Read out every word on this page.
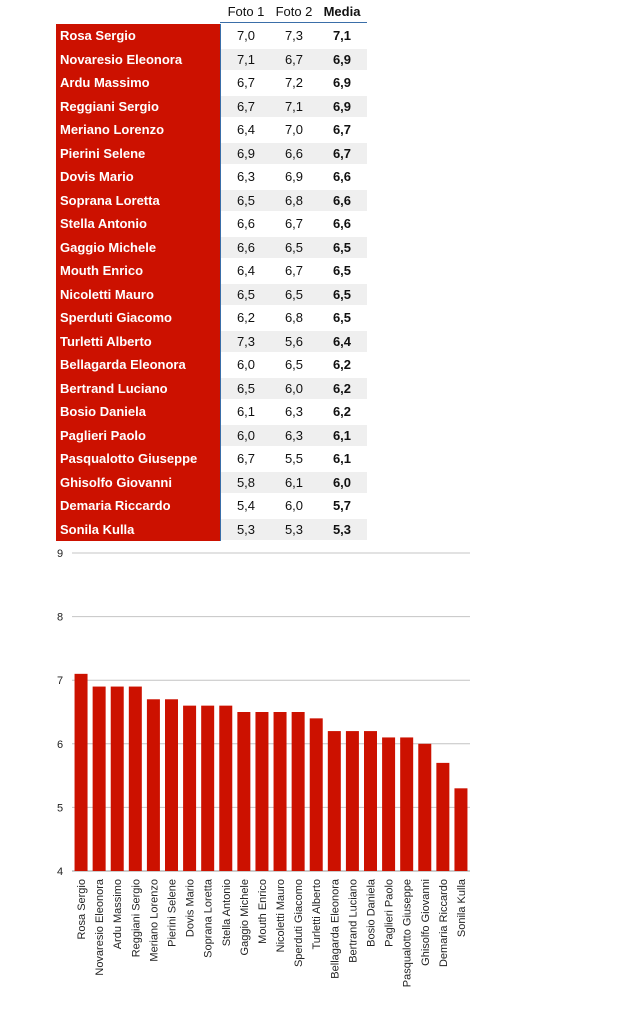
Foto 1 Foto 2 Media
Rosa Sergio	7,0	7,3	7,1
Novaresio Eleonora	7,1	6,7	6,9
Ardu Massimo	6,7	7,2	6,9
Reggiani Sergio	6,7	7,1	6,9
Meriano Lorenzo	6,4	7,0	6,7
Pierini Selene	6,9	6,6	6,7
Dovis Mario	6,3	6,9	6,6
Soprana Loretta	6,5	6,8	6,6
Stella Antonio	6,6	6,7	6,6
Gaggio Michele	6,6	6,5	6,5
Mouth Enrico	6,4	6,7	6,5
Nicoletti Mauro	6,5	6,5	6,5
Sperduti Giacomo	6,2	6,8	6,5
Turletti Alberto	7,3	5,6	6,4
Bellagarda Eleonora	6,0	6,5	6,2
Bertrand Luciano	6,5	6,0	6,2
Bosio Daniela	6,1	6,3	6,2
Paglieri Paolo	6,0	6,3	6,1
Pasqualotto Giuseppe	6,7	5,5	6,1
Ghisolfo Giovanni	5,8	6,1	6,0
Demaria Riccardo	5,4	6,0	5,7
Sonila Kulla	5,3	5,3	5,3
4
5
6
7
8
9
Rosa Sergio Novaresio Eleonora Ardu Massimo Reggiani Sergio Meriano Lorenzo Pierini Selene Dovis Mario Soprana Loretta Stella Antonio Gaggio Michele Mouth Enrico Nicoletti Mauro Sperduti Giacomo Turletti Alberto Bellagarda Eleonora Bertrand Luciano Bosio Daniela Paglieri Paolo Pasqualotto Giuseppe Ghisolfo Giovanni Demaria Riccardo Sonila Kulla
